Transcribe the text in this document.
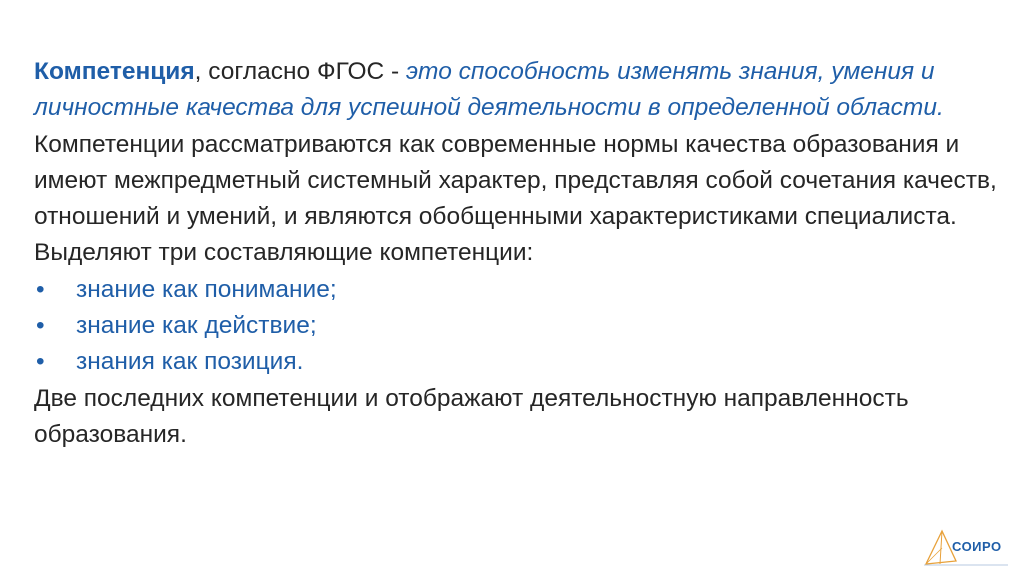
Компетенция, согласно ФГОС - это способность изменять знания, умения и личностные качества для успешной деятельности в определенной области.

Компетенции рассматриваются как современные нормы качества образования и имеют межпредметный системный характер, представляя собой сочетания качеств, отношений и умений, и являются обобщенными характеристиками специалиста.

Выделяют три составляющие компетенции:

•	знание как понимание;
•	знание как действие;
•	знания как позиция.

Две последних компетенции и отображают деятельностную направленность образования.

СОИРО
